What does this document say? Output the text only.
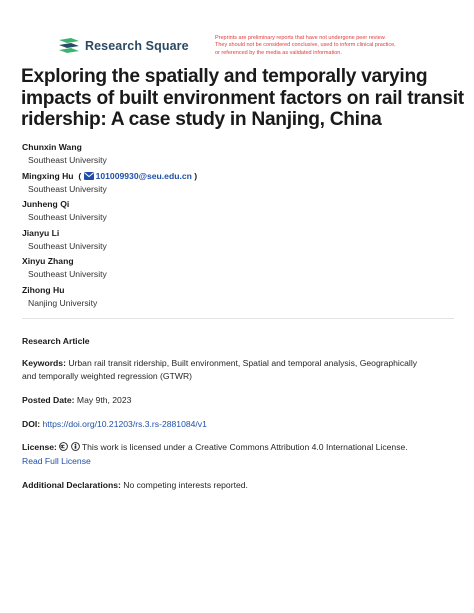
Research Square
Preprints are preliminary reports that have not undergone peer review.
They should not be considered conclusive, used to inform clinical practice,
or referenced by the media as validated information.
Exploring the spatially and temporally varying
impacts of built environment factors on rail transit
ridership: A case study in Nanjing, China
Chunxin Wang
Southeast University
Mingxing Hu  ( 101009930@seu.edu.cn )
Southeast University
Junheng Qi
Southeast University
Jianyu Li
Southeast University
Xinyu Zhang
Southeast University
Zihong Hu
Nanjing University
Research Article
Keywords: Urban rail transit ridership, Built environment, Spatial and temporal analysis, Geographically
and temporally weighted regression (GTWR)
Posted Date: May 9th, 2023
DOI: https://doi.org/10.21203/rs.3.rs-2881084/v1
License:	This work is licensed under a Creative Commons Attribution 4.0 International License.
Read Full License
Additional Declarations: No competing interests reported.
